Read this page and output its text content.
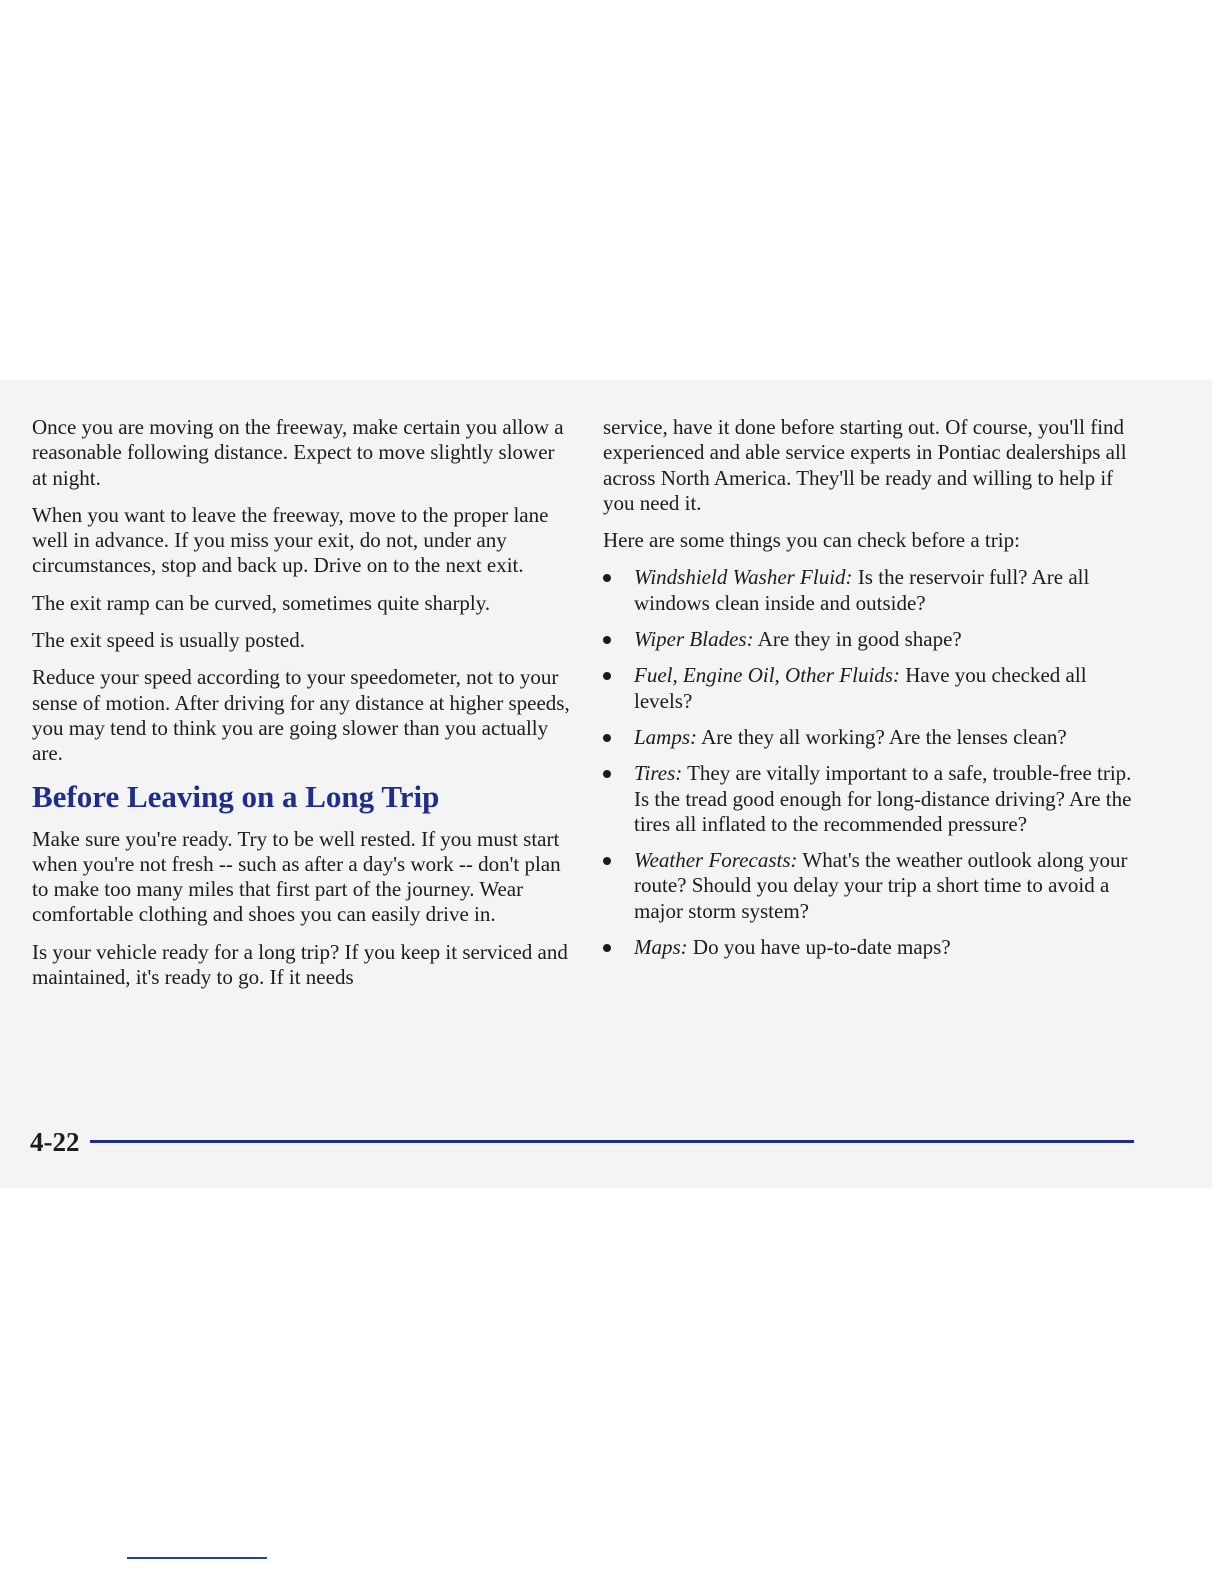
Once you are moving on the freeway, make certain you allow a reasonable following distance. Expect to move slightly slower at night.

When you want to leave the freeway, move to the proper lane well in advance. If you miss your exit, do not, under any circumstances, stop and back up. Drive on to the next exit.

The exit ramp can be curved, sometimes quite sharply.

The exit speed is usually posted.

Reduce your speed according to your speedometer, not to your sense of motion. After driving for any distance at higher speeds, you may tend to think you are going slower than you actually are.

Before Leaving on a Long Trip

Make sure you're ready. Try to be well rested. If you must start when you're not fresh -- such as after a day's work -- don't plan to make too many miles that first part of the journey. Wear comfortable clothing and shoes you can easily drive in.

Is your vehicle ready for a long trip? If you keep it serviced and maintained, it's ready to go. If it needs

service, have it done before starting out. Of course, you'll find experienced and able service experts in Pontiac dealerships all across North America. They'll be ready and willing to help if you need it.

Here are some things you can check before a trip:

Windshield Washer Fluid: Is the reservoir full? Are all windows clean inside and outside?
Wiper Blades: Are they in good shape?
Fuel, Engine Oil, Other Fluids: Have you checked all levels?
Lamps: Are they all working? Are the lenses clean?
Tires: They are vitally important to a safe, trouble-free trip. Is the tread good enough for long-distance driving? Are the tires all inflated to the recommended pressure?
Weather Forecasts: What's the weather outlook along your route? Should you delay your trip a short time to avoid a major storm system?
Maps: Do you have up-to-date maps?
4-22
